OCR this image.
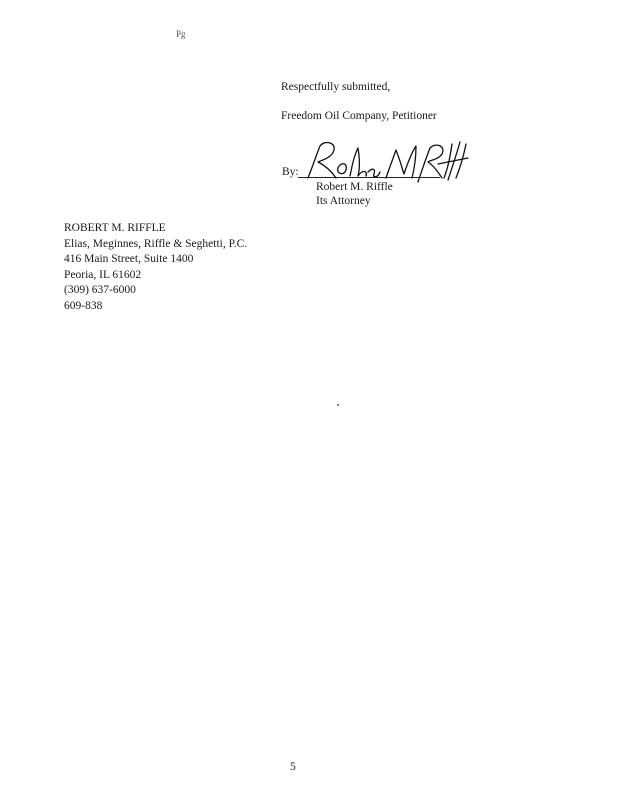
Pg
Respectfully submitted,
Freedom Oil Company, Petitioner
By:
Robert M. Riffle
Its Attorney
ROBERT M. RIFFLE
Elias, Meginnes, Riffle & Seghetti, P.C.
416 Main Street, Suite 1400
Peoria, IL 61602
(309) 637-6000
609-838
5
